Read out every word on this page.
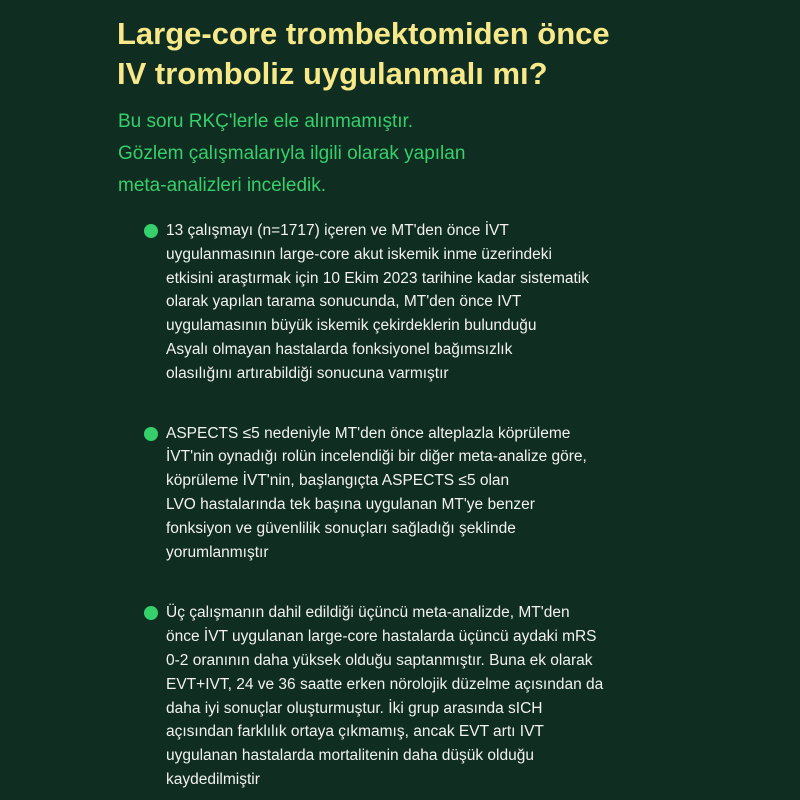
Large-core trombektomiden önce
IV tromboliz uygulanmalı mı?
Bu soru RKÇ'lerle ele alınmamıştır.
Gözlem çalışmalarıyla ilgili olarak yapılan
meta-analizleri inceledik.
13 çalışmayı (n=1717) içeren ve MT'den önce İVT
uygulanmasının large-core akut iskemik inme üzerindeki
etkisini araştırmak için 10 Ekim 2023 tarihine kadar sistematik
olarak yapılan tarama sonucunda, MT'den önce IVT
uygulamasının büyük iskemik çekirdeklerin bulunduğu
Asyalı olmayan hastalarda fonksiyonel bağımsızlık
olasılığını artırabildiği sonucuna varmıştır
ASPECTS ≤5 nedeniyle MT'den önce alteplazla köprüleme
İVT'nin oynadığı rolün incelendiği bir diğer meta-analize göre,
köprüleme İVT'nin, başlangıçta ASPECTS ≤5 olan
LVO hastalarında tek başına uygulanan MT'ye benzer
fonksiyon ve güvenlilik sonuçları sağladığı şeklinde
yorumlanmıştır
Üç çalışmanın dahil edildiği üçüncü meta-analizde, MT'den
önce İVT uygulanan large-core hastalarda üçüncü aydaki mRS
0-2 oranının daha yüksek olduğu saptanmıştır. Buna ek olarak
EVT+IVT, 24 ve 36 saatte erken nörolojik düzelme açısından da
daha iyi sonuçlar oluşturmuştur. İki grup arasında sICH
açısından farklılık ortaya çıkmamış, ancak EVT artı IVT
uygulanan hastalarda mortalitenin daha düşük olduğu
kaydedilmiştir
